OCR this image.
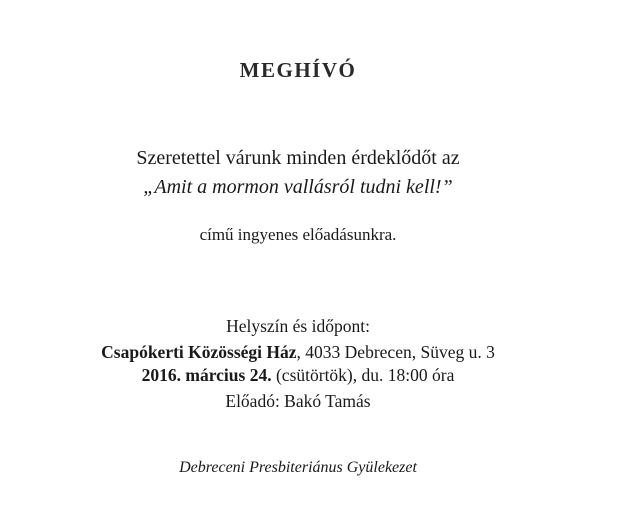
MEGHÍVÓ
Szeretettel várunk minden érdeklődőt az
„Amit a mormon vallásról tudni kell!”
című ingyenes előadásunkra.
Helyszín és időpont:
Csapókerti Közösségi Ház, 4033 Debrecen, Süveg u. 3
2016. március 24. (csütörtök), du. 18:00 óra
Előadó: Bakó Tamás
Debreceni Presbiteriánus Gyülekezet
